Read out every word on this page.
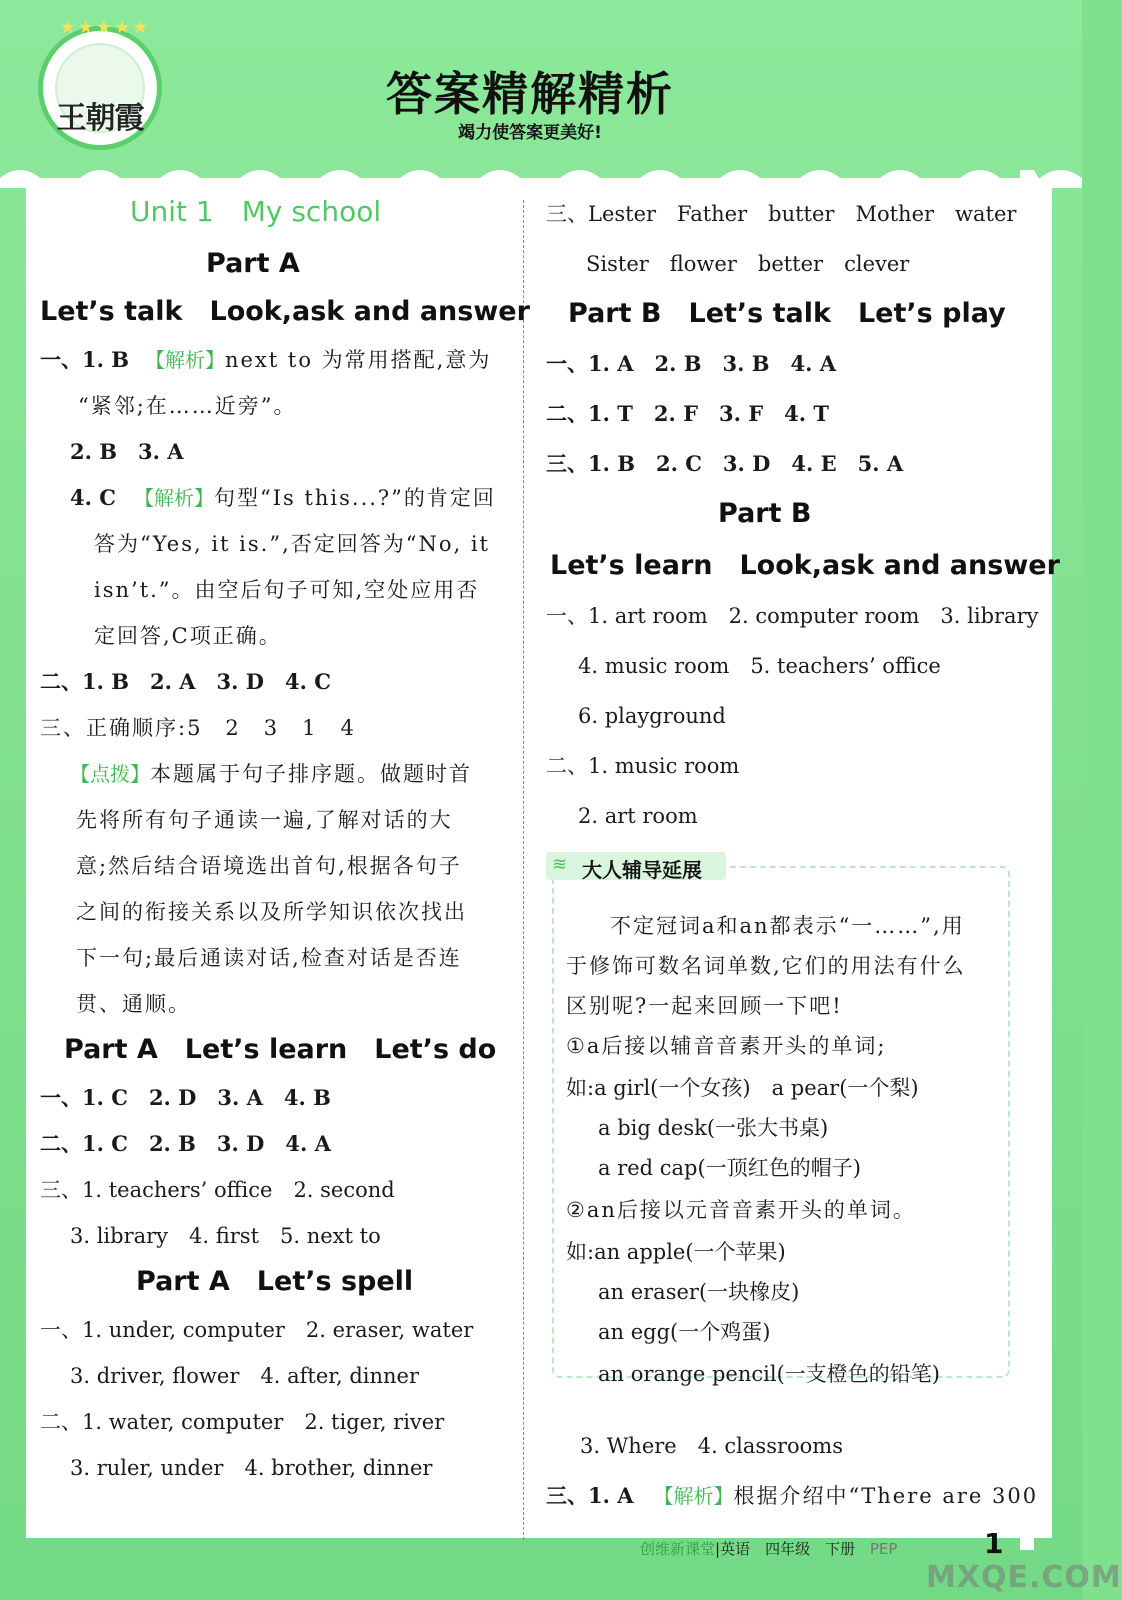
★★★★★
王朝霞	答案精解精析
竭力使答案更美好!
Unit 1　My school
Part A
Let’s talk　Look,ask and answer
一、1. B 【解析】next to 为常用搭配,意为
“紧邻;在……近旁”。
2. B　3. A
4. C 【解析】句型“Is this...?”的肯定回
答为“Yes, it is.”,否定回答为“No, it
isn’t.”。由空后句子可知,空处应用否
定回答,C项正确。
二、1. B　2. A　3. D　4. C
三、正确顺序:5　2　3　1　4
【点拨】本题属于句子排序题。做题时首
先将所有句子通读一遍,了解对话的大
意;然后结合语境选出首句,根据各句子
之间的衔接关系以及所学知识依次找出
下一句;最后通读对话,检查对话是否连
贯、通顺。
Part A　Let’s learn　Let’s do
一、1. C　2. D　3. A　4. B
二、1. C　2. B　3. D　4. A
三、1. teachers’ office　2. second
3. library　4. first　5. next to
Part A　Let’s spell
一、1. under, computer　2. eraser, water
3. driver, flower　4. after, dinner
二、1. water, computer　2. tiger, river
3. ruler, under　4. brother, dinner
三、Lester　Father　butter　Mother　water
Sister　flower　better　clever
Part B　Let’s talk　Let’s play
一、1. A　2. B　3. B　4. A
二、1. T　2. F　3. F　4. T
三、1. B　2. C　3. D　4. E　5. A
Part B
Let’s learn　Look,ask and answer
一、1. art room　2. computer room　3. library
4. music room　5. teachers’ office
6. playground
二、1. music room
2. art room
≋ 大人辅导延展
不定冠词a和an都表示“一……”,用
于修饰可数名词单数,它们的用法有什么
区别呢?一起来回顾一下吧!
①a后接以辅音音素开头的单词;
如:a girl(一个女孩)　a pear(一个梨)
a big desk(一张大书桌)
a red cap(一顶红色的帽子)
②an后接以元音音素开头的单词。
如:an apple(一个苹果)
an eraser(一块橡皮)
an egg(一个鸡蛋)
an orange pencil(一支橙色的铅笔)
3. Where　4. classrooms
三、1. A 【解析】根据介绍中“There are 300
创维新课堂|英语　四年级　下册 PEP	1
MXQE.COM
